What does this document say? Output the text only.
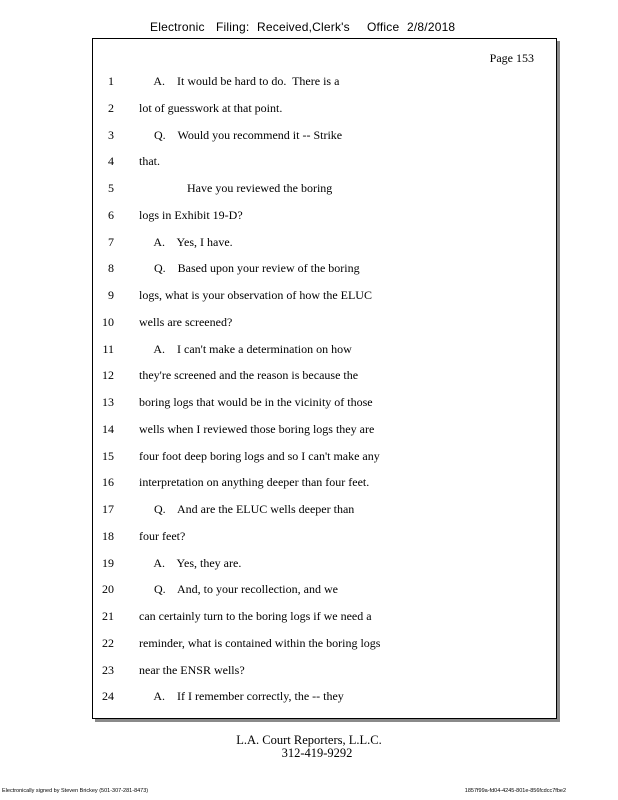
Electronic Filing: Received,Clerk's Office 2/8/2018
Page 153
1 A.    It would be hard to do.  There is a
2 lot of guesswork at that point.
3 Q.    Would you recommend it -- Strike
4 that.
5 Have you reviewed the boring
6 logs in Exhibit 19-D?
7 A.    Yes, I have.
8 Q.    Based upon your review of the boring
9 logs, what is your observation of how the ELUC
10 wells are screened?
11 A.    I can't make a determination on how
12 they're screened and the reason is because the
13 boring logs that would be in the vicinity of those
14 wells when I reviewed those boring logs they are
15 four foot deep boring logs and so I can't make any
16 interpretation on anything deeper than four feet.
17 Q.    And are the ELUC wells deeper than
18 four feet?
19 A.    Yes, they are.
20 Q.    And, to your recollection, and we
21 can certainly turn to the boring logs if we need a
22 reminder, what is contained within the boring logs
23 near the ENSR wells?
24 A.    If I remember correctly, the -- they
L.A. Court Reporters, L.L.C.
312-419-9292
Electronically signed by Steven Brickey (501-307-281-8473)	1857f99a-fd04-4245-801e-856fcdcc7fbe2
